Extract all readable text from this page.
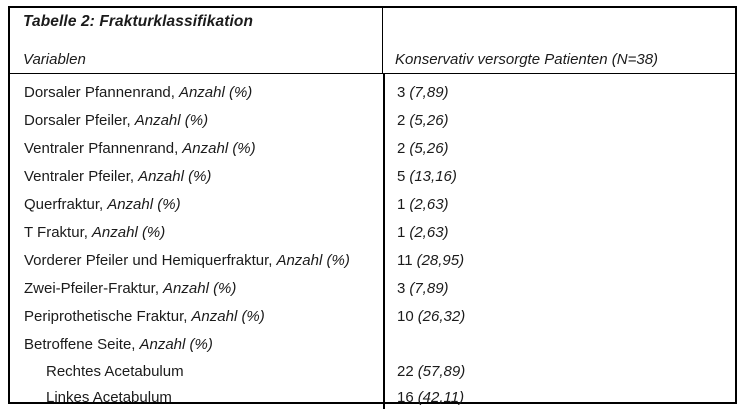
Tabelle 2: Frakturklassifikation
Variablen	Konservativ versorgte Patienten (N=38)
Dorsaler Pfannenrand, Anzahl (%)	3 (7,89)
Dorsaler Pfeiler, Anzahl (%)	2 (5,26)
Ventraler Pfannenrand, Anzahl (%)	2 (5,26)
Ventraler Pfeiler, Anzahl (%)	5 (13,16)
Querfraktur, Anzahl (%)	1 (2,63)
T Fraktur, Anzahl (%)	1 (2,63)
Vorderer Pfeiler und Hemiquerfraktur, Anzahl (%)	11 (28,95)
Zwei-Pfeiler-Fraktur, Anzahl (%)	3 (7,89)
Periprothetische Fraktur, Anzahl (%)	10 (26,32)
Betroffene Seite, Anzahl (%)
Rechtes Acetabulum	22 (57,89)
Linkes Acetabulum	16 (42,11)
